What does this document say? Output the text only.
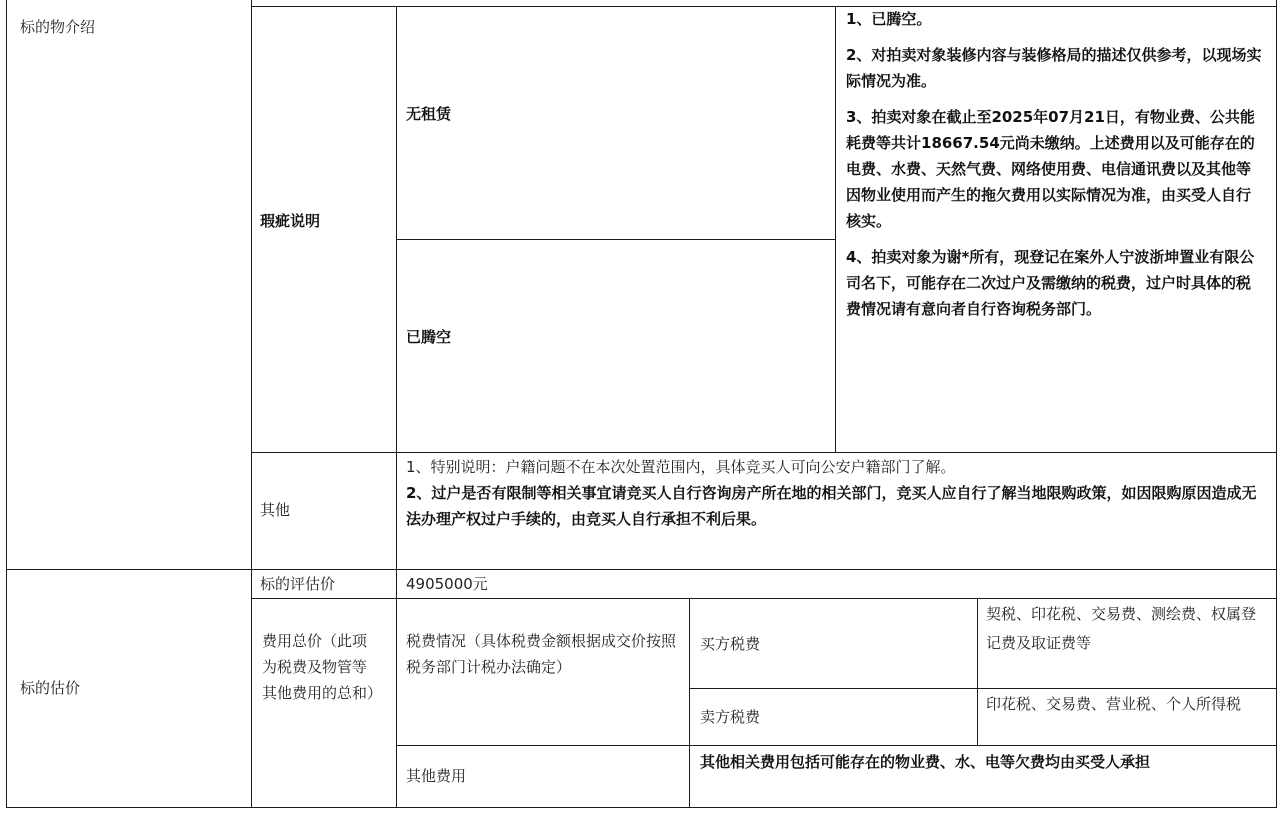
标的物介绍
标的估价
瑕疵说明
其他
标的评估价
费用总价（此项为税费及物管等其他费用的总和）
无租赁
已腾空

1、已腾空。

2、对拍卖对象装修内容与装修格局的描述仅供参考，以现场实际情况为准。

3、拍卖对象在截止至2025年07月21日，有物业费、公共能耗费等共计18667.54元尚未缴纳。上述费用以及可能存在的电费、水费、天然气费、网络使用费、电信通讯费以及其他等因物业使用而产生的拖欠费用以实际情况为准，由买受人自行核实。

4、拍卖对象为谢*所有，现登记在案外人宁波浙坤置业有限公司名下，可能存在二次过户及需缴纳的税费，过户时具体的税费情况请有意向者自行咨询税务部门。

1、特别说明：户籍问题不在本次处置范围内，具体竞买人可向公安户籍部门了解。

2、过户是否有限制等相关事宜请竞买人自行咨询房产所在地的相关部门，竞买人应自行了解当地限购政策，如因限购原因造成无法办理产权过户手续的，由竞买人自行承担不利后果。

4905000元
税费情况（具体税费金额根据成交价按照税务部门计税办法确定）
买方税费
契税、印花税、交易费、测绘费、权属登记费及取证费等
卖方税费
印花税、交易费、营业税、个人所得税
其他费用
其他相关费用包括可能存在的物业费、水、电等欠费均由买受人承担
